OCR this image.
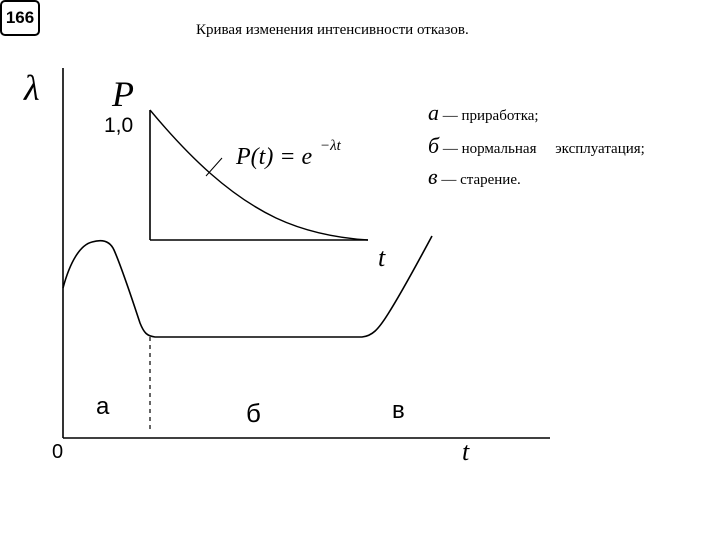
Кривая изменения интенсивности отказов.
166
а — приработка;
б — нормальная     эксплуатация;
в — старение.
λ
0	t
а	б	в
P
1,0
t
P(t) = e −λt
